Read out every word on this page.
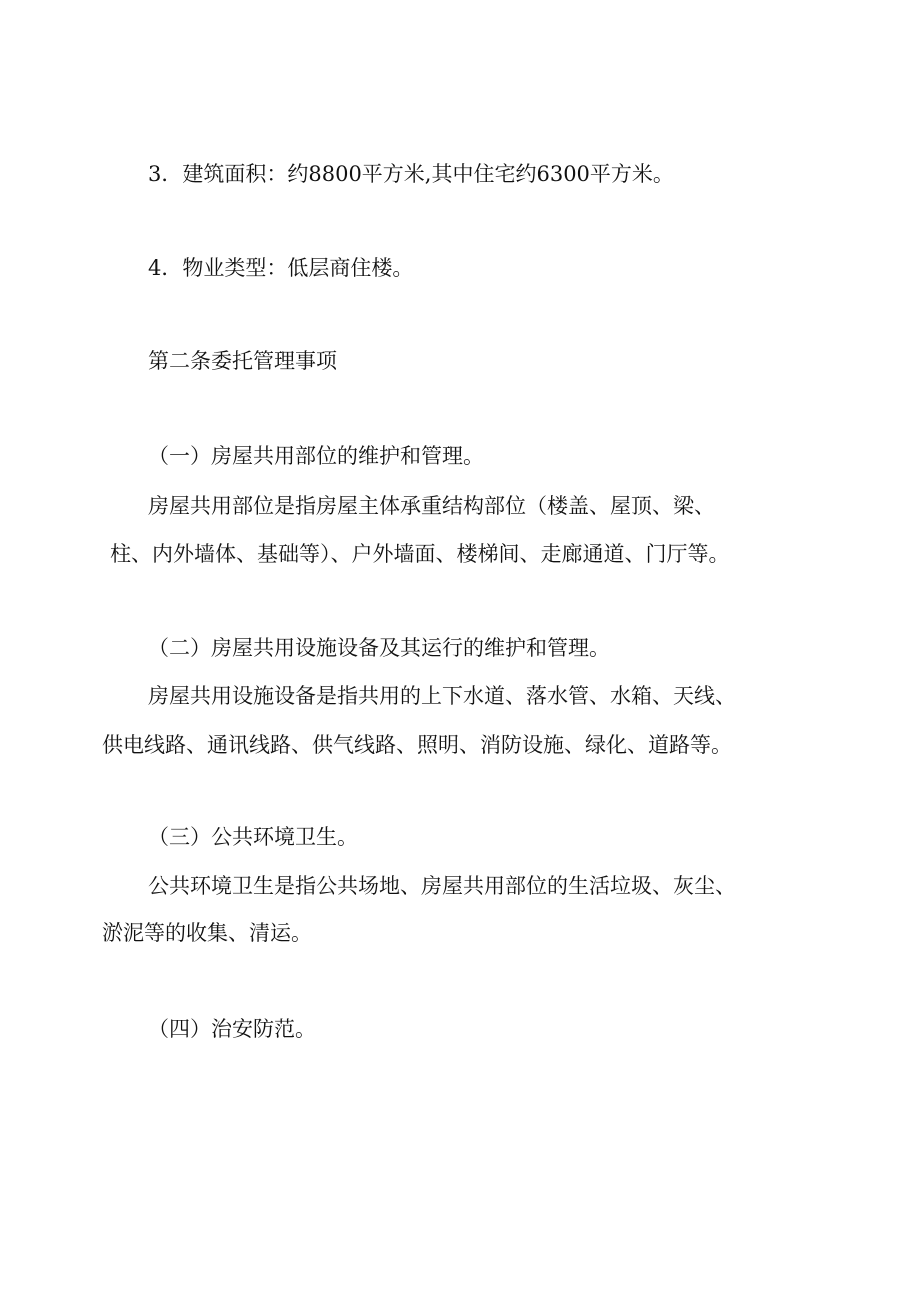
3．建筑面积：约8800平方米,其中住宅约6300平方米。

4．物业类型：低层商住楼。

第二条委托管理事项

（一）房屋共用部位的维护和管理。

房屋共用部位是指房屋主体承重结构部位（楼盖、屋顶、梁、

柱、内外墙体、基础等）、户外墙面、楼梯间、走廊通道、门厅等。

（二）房屋共用设施设备及其运行的维护和管理。

房屋共用设施设备是指共用的上下水道、落水管、水箱、天线、

供电线路、通讯线路、供气线路、照明、消防设施、绿化、道路等。

（三）公共环境卫生。

公共环境卫生是指公共场地、房屋共用部位的生活垃圾、灰尘、

淤泥等的收集、清运。

（四）治安防范。
